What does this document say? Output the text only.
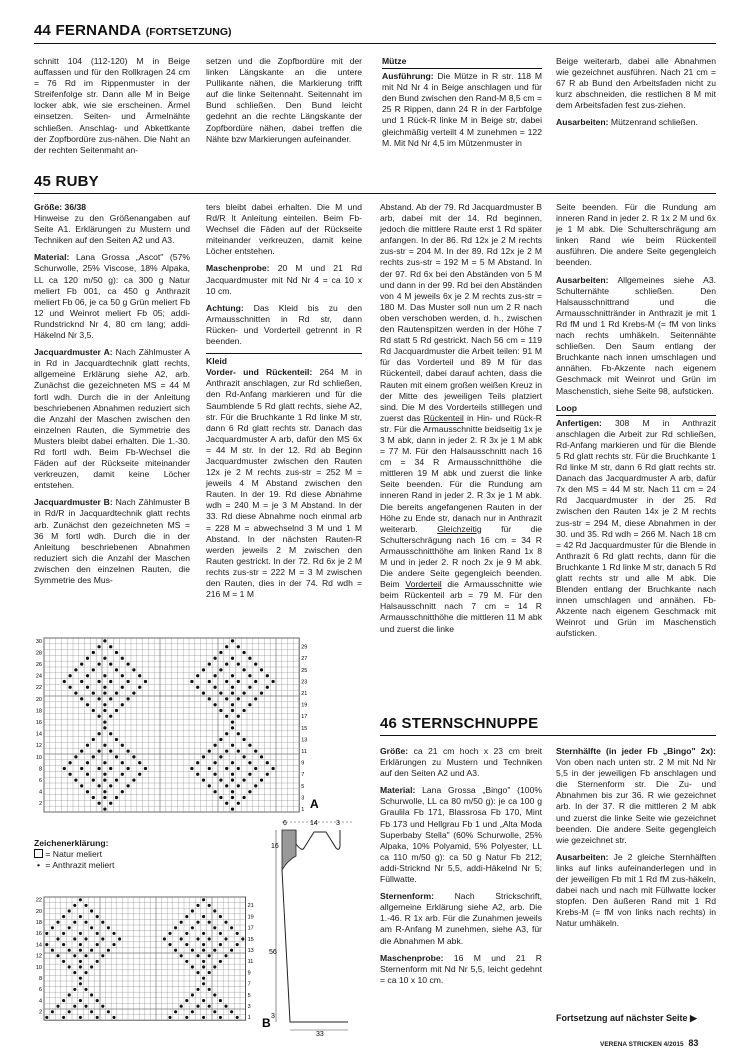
44 FERNANDA (FORTSETZUNG)

schnitt 104 (112-120) M in Beige auffassen und für den Rollkragen 24 cm = 76 Rd im Rippenmuster in der Streifenfolge str. Dann alle M in Beige locker abk, wie sie erscheinen. Ärmel einsetzen. Seiten- und Ärmelnähte schließen. Anschlag- und Abkettkante der Zopfbordüre zus-nähen. Die Naht an der rechten Seitenmaht an-

setzen und die Zopfbordüre mit der linken Längskante an die untere Pullikante nähen, die Markierung trifft auf die linke Seitennaht. Seitennaht im Bund schließen. Den Bund leicht gedehnt an die rechte Längskante der Zopfbordüre nähen, dabei treffen die Nähte bzw Markierungen aufeinander.

Mütze

Ausführung: Die Mütze in R str. 118 M mit Nd Nr 4 in Beige anschlagen und für den Bund zwischen den Rand-M 8,5 cm = 25 R Rippen, dann 24 R in der Farbfolge und 1 Rück-R linke M in Beige str, dabei gleichmäßig verteilt 4 M zunehmen = 122 M. Mit Nd Nr 4,5 im Mützenmuster in

Beige weiterarb, dabei alle Abnahmen wie gezeichnet ausführen. Nach 21 cm = 67 R ab Bund den Arbeitsfaden nicht zu kurz abschneiden, die restlichen 8 M mit dem Arbeitsfaden fest zus-ziehen.

Ausarbeiten: Mützenrand schließen.

45 RUBY

Größe: 36/38

Hinweise zu den Größenangaben auf Seite A1. Erklärungen zu Mustern und Techniken auf den Seiten A2 und A3.

Material: Lana Grossa „Ascot" (57% Schurwolle, 25% Viscose, 18% Alpaka, LL ca 120 m/50 g): ca 300 g Natur meliert Fb 001, ca 450 g Anthrazit meliert Fb 06, je ca 50 g Grün meliert Fb 12 und Weinrot meliert Fb 05; addi-Rundstricknd Nr 4, 80 cm lang; addi-Häkelnd Nr 3,5.

Jacquardmuster A: Nach Zählmuster A in Rd in Jacquardtechnik glatt rechts, allgemeine Erklärung siehe A2, arb. Zunächst die gezeichneten MS = 44 M fortl wdh. Durch die in der Anleitung beschriebenen Abnahmen reduziert sich die Anzahl der Maschen zwischen den einzelnen Rauten, die Symmetrie des Musters bleibt dabei erhalten. Die 1.-30. Rd fortl wdh. Beim Fb-Wechsel die Fäden auf der Rückseite miteinander verkreuzen, damit keine Löcher entstehen.

Jacquardmuster B: Nach Zählmuster B in Rd/R in Jacquardtechnik glatt rechts arb. Zunächst den gezeichneten MS = 36 M fortl wdh. Durch die in der Anleitung beschriebenen Abnahmen reduziert sich die Anzahl der Maschen zwischen den einzelnen Rauten, die Symmetrie des Mus-

ters bleibt dabei erhalten. Die M und Rd/R lt Anleitung einteilen. Beim Fb-Wechsel die Fäden auf der Rückseite miteinander verkreuzen, damit keine Löcher entstehen.

Maschenprobe: 20 M und 21 Rd Jacquardmuster mit Nd Nr 4 = ca 10 x 10 cm.

Achtung: Das Kleid bis zu den Armausschnitten in Rd str, dann Rücken- und Vorderteil getrennt in R beenden.

Kleid

Vorder- und Rückenteil: 264 M in Anthrazit anschlagen, zur Rd schließen, den Rd-Anfang markieren und für die Saumblende 5 Rd glatt rechts, siehe A2, str. Für die Bruchkante 1 Rd linke M str, dann 6 Rd glatt rechts str. Danach das Jacquardmuster A arb, dafür den MS 6x = 44 M str. In der 12. Rd ab Beginn Jacquardmuster zwischen den Rauten 12x je 2 M rechts zus-str = 252 M = jeweils 4 M Abstand zwischen den Rauten. In der 19. Rd diese Abnahme wdh = 240 M = je 3 M Abstand. In der 33. Rd diese Abnahme noch einmal arb = 228 M = abwechselnd 3 M und 1 M Abstand. In der nächsten Rauten-R werden jeweils 2 M zwischen den Rauten gestrickt. In der 72. Rd 6x je 2 M rechts zus-str = 222 M = 3 M zwischen den Rauten, dies in der 74. Rd wdh = 216 M = 1 M

Abstand. Ab der 79. Rd Jacquardmuster B arb, dabei mit der 14. Rd beginnen, jedoch die mittlere Raute erst 1 Rd später anfangen. In der 86. Rd 12x je 2 M rechts zus-str = 204 M. In der 89. Rd 12x je 2 M rechts zus-str = 192 M = 5 M Abstand. In der 97. Rd 6x bei den Abständen von 5 M und dann in der 99. Rd bei den Abständen von 4 M jeweils 6x je 2 M rechts zus-str = 180 M. Das Muster soll nun um 2 R nach oben verschoben werden, d. h., zwischen den Rautenspitzen werden in der Höhe 7 Rd statt 5 Rd gestrickt. Nach 56 cm = 119 Rd Jacquardmuster die Arbeit teilen: 91 M für das Vorderteil und 89 M für das Rückenteil, dabei darauf achten, dass die Rauten mit einem großen weißen Kreuz in der Mitte des jeweiligen Teils platziert sind. Die M des Vorderteils stilllegen und zuerst das Rückenteil in Hin- und Rück-R str. Für die Armausschnitte beidseitig 1x je 3 M abk, dann in jeder 2. R 3x je 1 M abk = 77 M. Für den Halsausschnitt nach 16 cm = 34 R Armausschnitthöhe die mittleren 19 M abk und zuerst die linke Seite beenden. Für die Rundung am inneren Rand in jeder 2. R 3x je 1 M abk. Die bereits angefangenen Rauten in der Höhe zu Ende str, danach nur in Anthrazit weiterarb. Gleichzeitig für die Schulterschrägung nach 16 cm = 34 R Armausschnitthöhe am linken Rand 1x 8 M und in jeder 2. R noch 2x je 9 M abk. Die andere Seite gegengleich beenden. Beim Vorderteil die Armausschnitte wie beim Rückenteil arb = 79 M. Für den Halsausschnitt nach 7 cm = 14 R Armausschnitthöhe die mittleren 11 M abk und zuerst die linke

Seite beenden. Für die Rundung am inneren Rand in jeder 2. R 1x 2 M und 6x je 1 M abk. Die Schulterschrägung am linken Rand wie beim Rückenteil ausführen. Die andere Seite gegengleich beenden.

Ausarbeiten: Allgemeines siehe A3. Schulternähte schließen. Den Halsausschnittrand und die Armausschnittränder in Anthrazit je mit 1 Rd fM und 1 Rd Krebs-M (= fM von links nach rechts umhäkeln. Seitennähte schließen. Den Saum entlang der Bruchkante nach innen umschlagen und annähen. Fb-Akzente nach eigenem Geschmack mit Weinrot und Grün im Maschenstich, siehe Seite 98, aufsticken.

Loop

Anfertigen: 308 M in Anthrazit anschlagen die Arbeit zur Rd schließen, Rd-Anfang markieren und für die Blende 5 Rd glatt rechts str. Für die Bruchkante 1 Rd linke M str, dann 6 Rd glatt rechts str. Danach das Jacquardmuster A arb, dafür 7x den MS = 44 M str. Nach 11 cm = 24 Rd Jacquardmuster in der 25. Rd zwischen den Rauten 14x je 2 M rechts zus-str = 294 M, diese Abnahmen in der 30. und 35. Rd wdh = 266 M. Nach 18 cm = 42 Rd Jacquardmuster für die Blende in Anthrazit 6 Rd glatt rechts, dann für die Bruchkante 1 Rd linke M str, danach 5 Rd glatt rechts str und alle M abk. Die Blenden entlang der Bruchkante nach innen umschlagen und annähen. Fb-Akzente nach eigenem Geschmack mit Weinrot und Grün im Maschenstich aufsticken.

30
29
28
27
26
25
24
23
22
21
20
19
18
17
16
15
14
13
12
11
10
9
8
7
6
5
4
3
2
1 A
Zeichenerklärung:
= Natur meliert
• = Anthrazit meliert
22
21
20
19
18
17
16
15
14
13
12
11
10
9
8
7
6
5
4
3
2
1 B
6	14	3
16
56
3
33
46 STERNSCHNUPPE

Größe: ca 21 cm hoch x 23 cm breit Erklärungen zu Mustern und Techniken auf den Seiten A2 und A3.

Material: Lana Grossa „Bingo" (100% Schurwolle, LL ca 80 m/50 g): je ca 100 g Graulila Fb 171, Blassrosa Fb 170, Mint Fb 173 und Hellgrau Fb 1 und „Alta Moda Superbaby Stella" (60% Schurwolle, 25% Alpaka, 10% Polyamid, 5% Polyester, LL ca 110 m/50 g): ca 50 g Natur Fb 212; addi-Stricknd Nr 5,5, addi-Häkelnd Nr 5; Füllwatte.

Sternenform: Nach Strickschrift, allgemeine Erklärung siehe A2, arb. Die 1.-46. R 1x arb. Für die Zunahmen jeweils am R-Anfang M zunehmen, siehe A3, für die Abnahmen M abk.

Maschenprobe: 16 M und 21 R Sternenform mit Nd Nr 5,5, leicht gedehnt = ca 10 x 10 cm.

Sternhälfte (in jeder Fb „Bingo" 2x): Von oben nach unten str. 2 M mit Nd Nr 5,5 in der jeweiligen Fb anschlagen und die Sternenform str. Die Zu- und Abnahmen bis zur 36. R wie gezeichnet arb. In der 37. R die mittleren 2 M abk und zuerst die linke Seite wie gezeichnet beenden. Die andere Seite gegengleich wie gezeichnet str.

Ausarbeiten: Je 2 gleiche Sternhälften links auf links aufeinanderlegen und in der jeweiligen Fb mit 1 Rd fM zus-häkeln, dabei nach und nach mit Füllwatte locker stopfen. Den äußeren Rand mit 1 Rd Krebs-M (= fM von links nach rechts) in Natur umhäkeln.

Fortsetzung auf nächster Seite ▶
VERENA STRICKEN 4/2015 83
